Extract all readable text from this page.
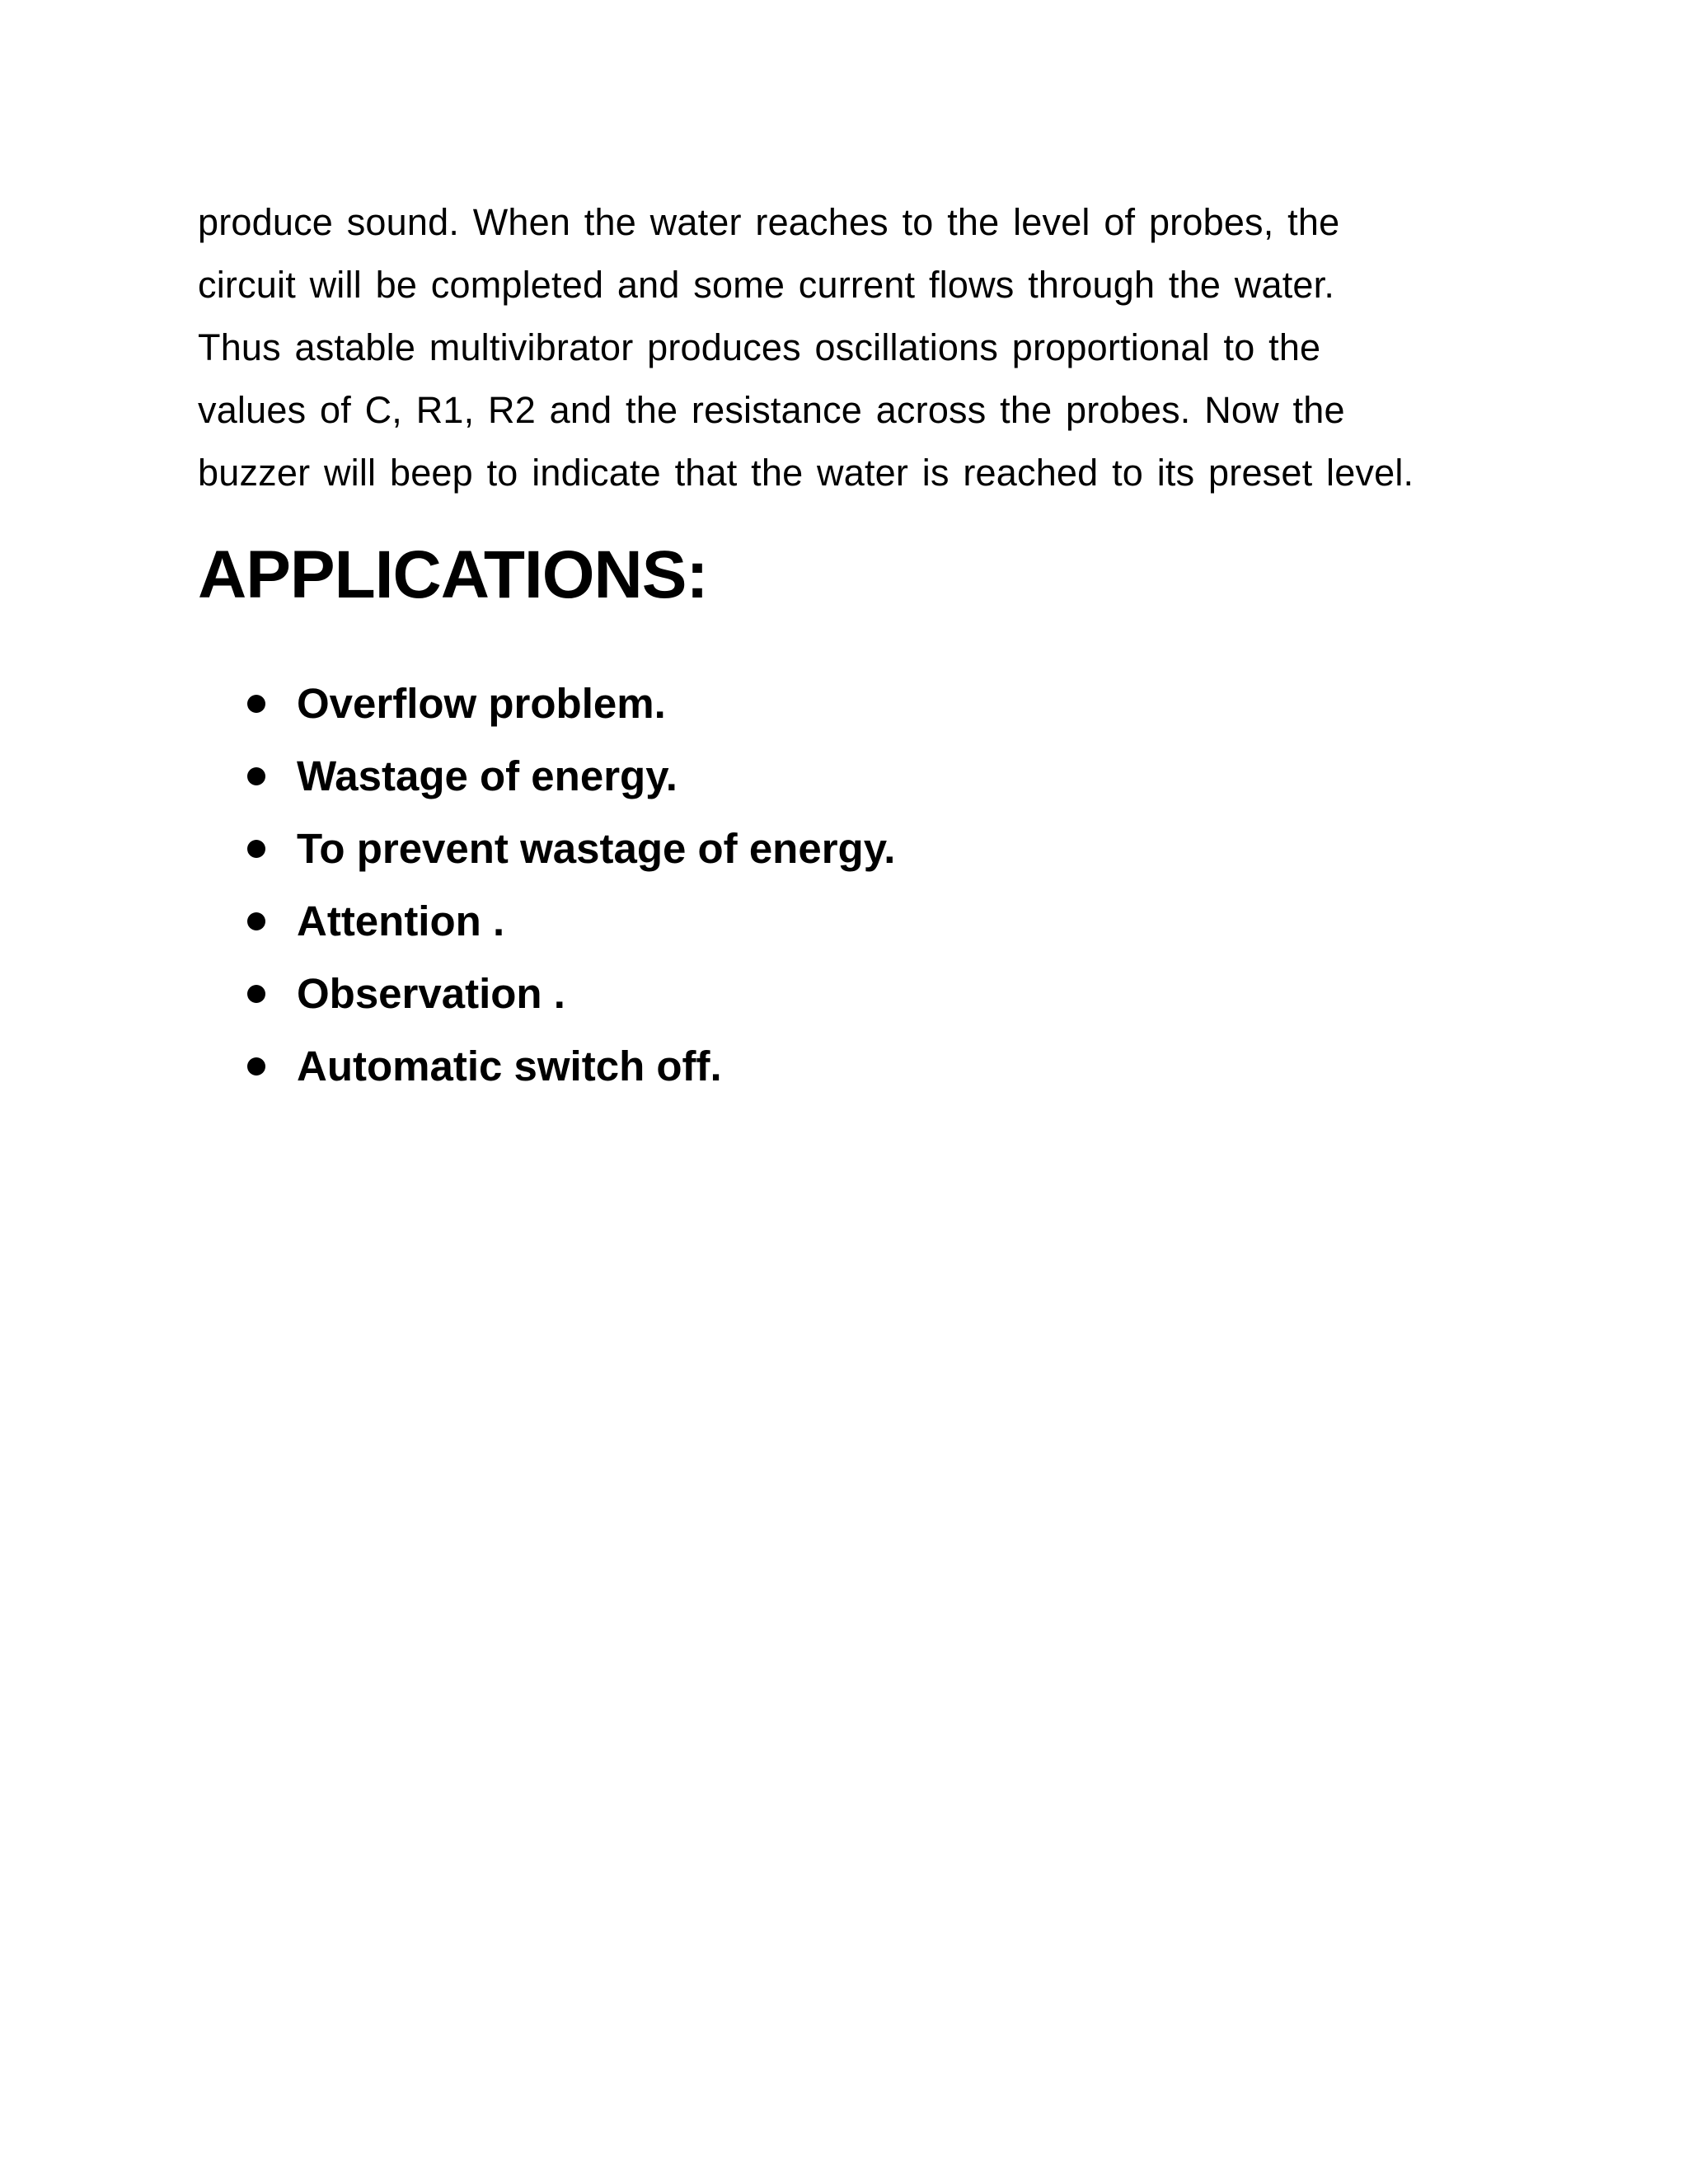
produce sound. When the water reaches to the level of probes, the
circuit will be completed and some current flows through the water.
Thus astable multivibrator produces oscillations proportional to the
values of C, R1, R2 and the resistance across the probes. Now the
buzzer will beep to indicate that the water is reached to its preset level.

APPLICATIONS:
Overflow problem.
Wastage of energy.
To prevent wastage of energy.
Attention .
Observation .
Automatic switch off.
